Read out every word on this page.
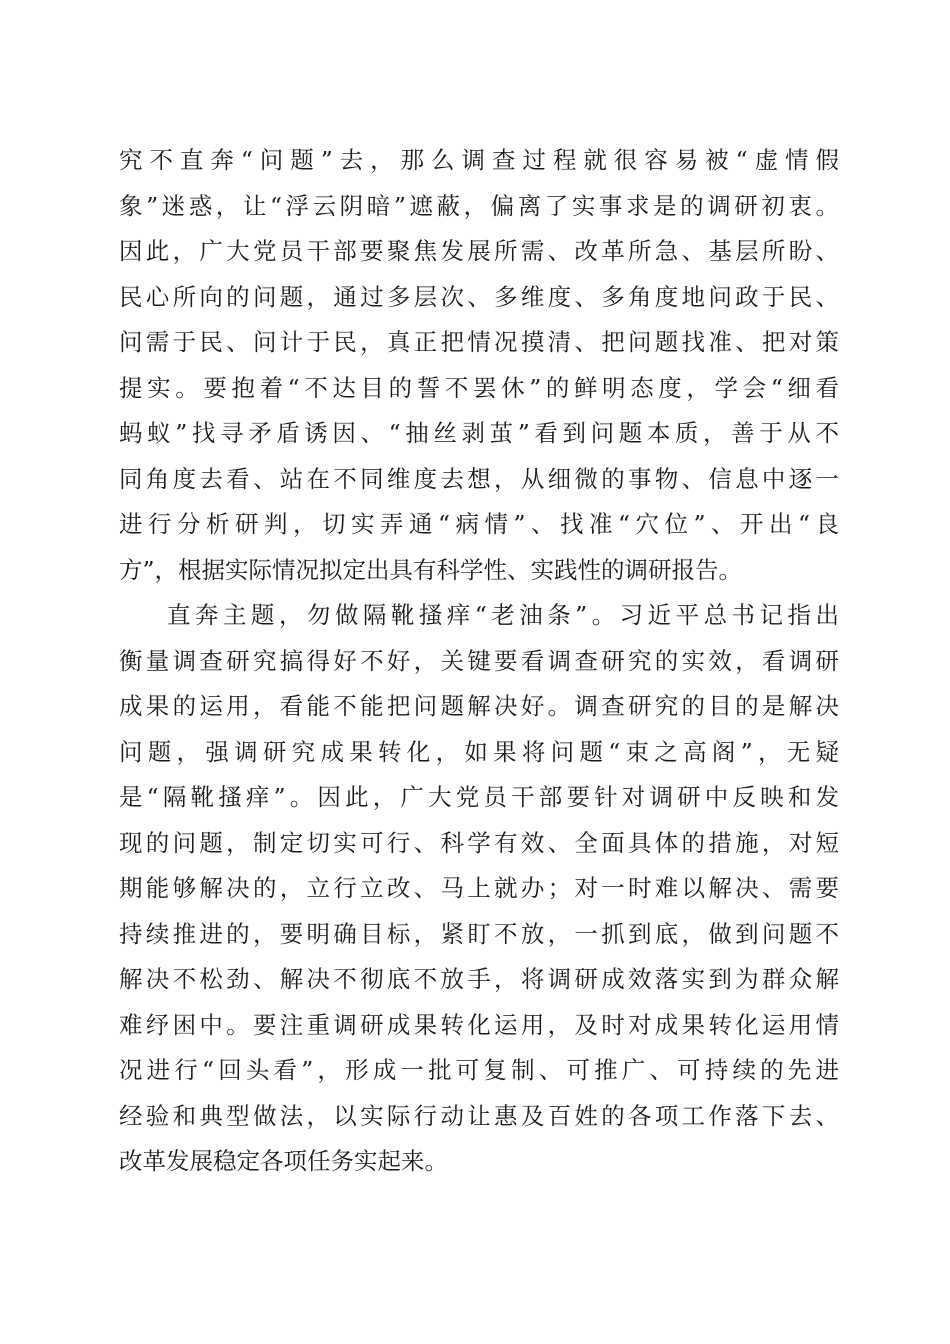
究不直奔“问题”去，那么调查过程就很容易被“虚情假
象”迷惑，让“浮云阴暗”遮蔽，偏离了实事求是的调研初衷。
因此，广大党员干部要聚焦发展所需、改革所急、基层所盼、
民心所向的问题，通过多层次、多维度、多角度地问政于民、
问需于民、问计于民，真正把情况摸清、把问题找准、把对策
提实。要抱着“不达目的誓不罢休”的鲜明态度，学会“细看
蚂蚁”找寻矛盾诱因、“抽丝剥茧”看到问题本质，善于从不
同角度去看、站在不同维度去想，从细微的事物、信息中逐一
进行分析研判，切实弄通“病情”、找准“穴位”、开出“良
方”，根据实际情况拟定出具有科学性、实践性的调研报告。
直奔主题，勿做隔靴搔痒“老油条”。习近平总书记指出
衡量调查研究搞得好不好，关键要看调查研究的实效，看调研
成果的运用，看能不能把问题解决好。调查研究的目的是解决
问题，强调研究成果转化，如果将问题“束之高阁”，无疑
是“隔靴搔痒”。因此，广大党员干部要针对调研中反映和发
现的问题，制定切实可行、科学有效、全面具体的措施，对短
期能够解决的，立行立改、马上就办；对一时难以解决、需要
持续推进的，要明确目标，紧盯不放，一抓到底，做到问题不
解决不松劲、解决不彻底不放手，将调研成效落实到为群众解
难纾困中。要注重调研成果转化运用，及时对成果转化运用情
况进行“回头看”，形成一批可复制、可推广、可持续的先进
经验和典型做法，以实际行动让惠及百姓的各项工作落下去、
改革发展稳定各项任务实起来。
